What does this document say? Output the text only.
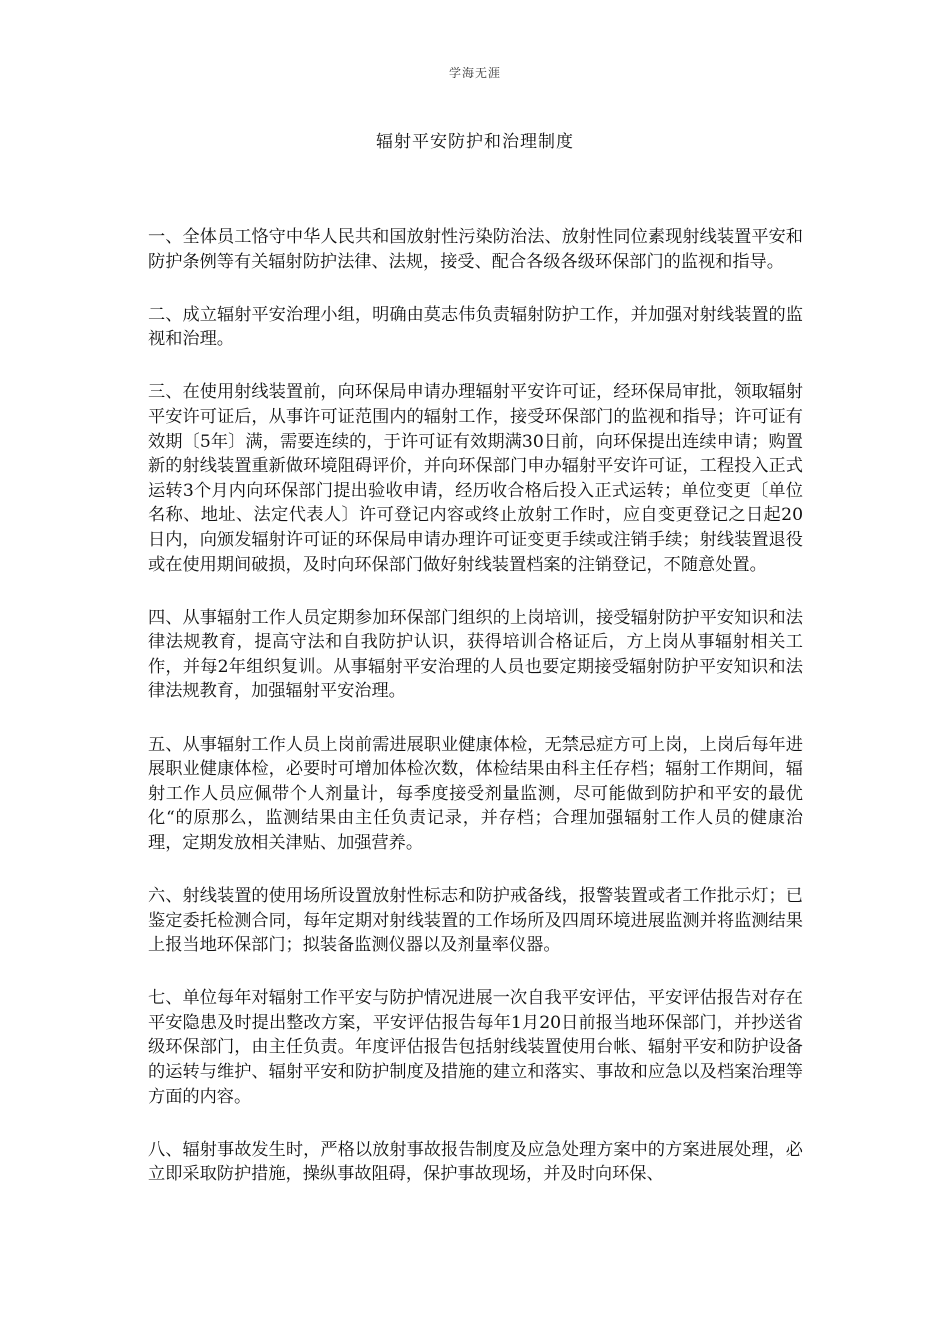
学海无涯
辐射平安防护和治理制度

一、全体员工恪守中华人民共和国放射性污染防治法、放射性同位素现射线装置平安和防护条例等有关辐射防护法律、法规，接受、配合各级各级环保部门的监视和指导。

二、成立辐射平安治理小组，明确由莫志伟负责辐射防护工作，并加强对射线装置的监视和治理。

三、在使用射线装置前，向环保局申请办理辐射平安许可证，经环保局审批，领取辐射平安许可证后，从事许可证范围内的辐射工作，接受环保部门的监视和指导；许可证有效期〔5年〕满，需要连续的，于许可证有效期满30日前，向环保提出连续申请；购置新的射线装置重新做环境阻碍评价，并向环保部门申办辐射平安许可证，工程投入正式运转3个月内向环保部门提出验收申请，经历收合格后投入正式运转；单位变更〔单位名称、地址、法定代表人〕许可登记内容或终止放射工作时，应自变更登记之日起20日内，向颁发辐射许可证的环保局申请办理许可证变更手续或注销手续；射线装置退役或在使用期间破损，及时向环保部门做好射线装置档案的注销登记，不随意处置。

四、从事辐射工作人员定期参加环保部门组织的上岗培训，接受辐射防护平安知识和法律法规教育，提高守法和自我防护认识，获得培训合格证后，方上岗从事辐射相关工作，并每2年组织复训。从事辐射平安治理的人员也要定期接受辐射防护平安知识和法律法规教育，加强辐射平安治理。

五、从事辐射工作人员上岗前需进展职业健康体检，无禁忌症方可上岗，上岗后每年进展职业健康体检，必要时可增加体检次数，体检结果由科主任存档；辐射工作期间，辐射工作人员应佩带个人剂量计，每季度接受剂量监测，尽可能做到防护和平安的最优化“的原那么，监测结果由主任负责记录，并存档；合理加强辐射工作人员的健康治理，定期发放相关津贴、加强营养。

六、射线装置的使用场所设置放射性标志和防护戒备线，报警装置或者工作批示灯；已鉴定委托检测合同，每年定期对射线装置的工作场所及四周环境进展监测并将监测结果上报当地环保部门；拟装备监测仪器以及剂量率仪器。

七、单位每年对辐射工作平安与防护情况进展一次自我平安评估，平安评估报告对存在平安隐患及时提出整改方案，平安评估报告每年1月20日前报当地环保部门，并抄送省级环保部门，由主任负责。年度评估报告包括射线装置使用台帐、辐射平安和防护设备的运转与维护、辐射平安和防护制度及措施的建立和落实、事故和应急以及档案治理等方面的内容。

八、辐射事故发生时，严格以放射事故报告制度及应急处理方案中的方案进展处理，必立即采取防护措施，操纵事故阻碍，保护事故现场，并及时向环保、
